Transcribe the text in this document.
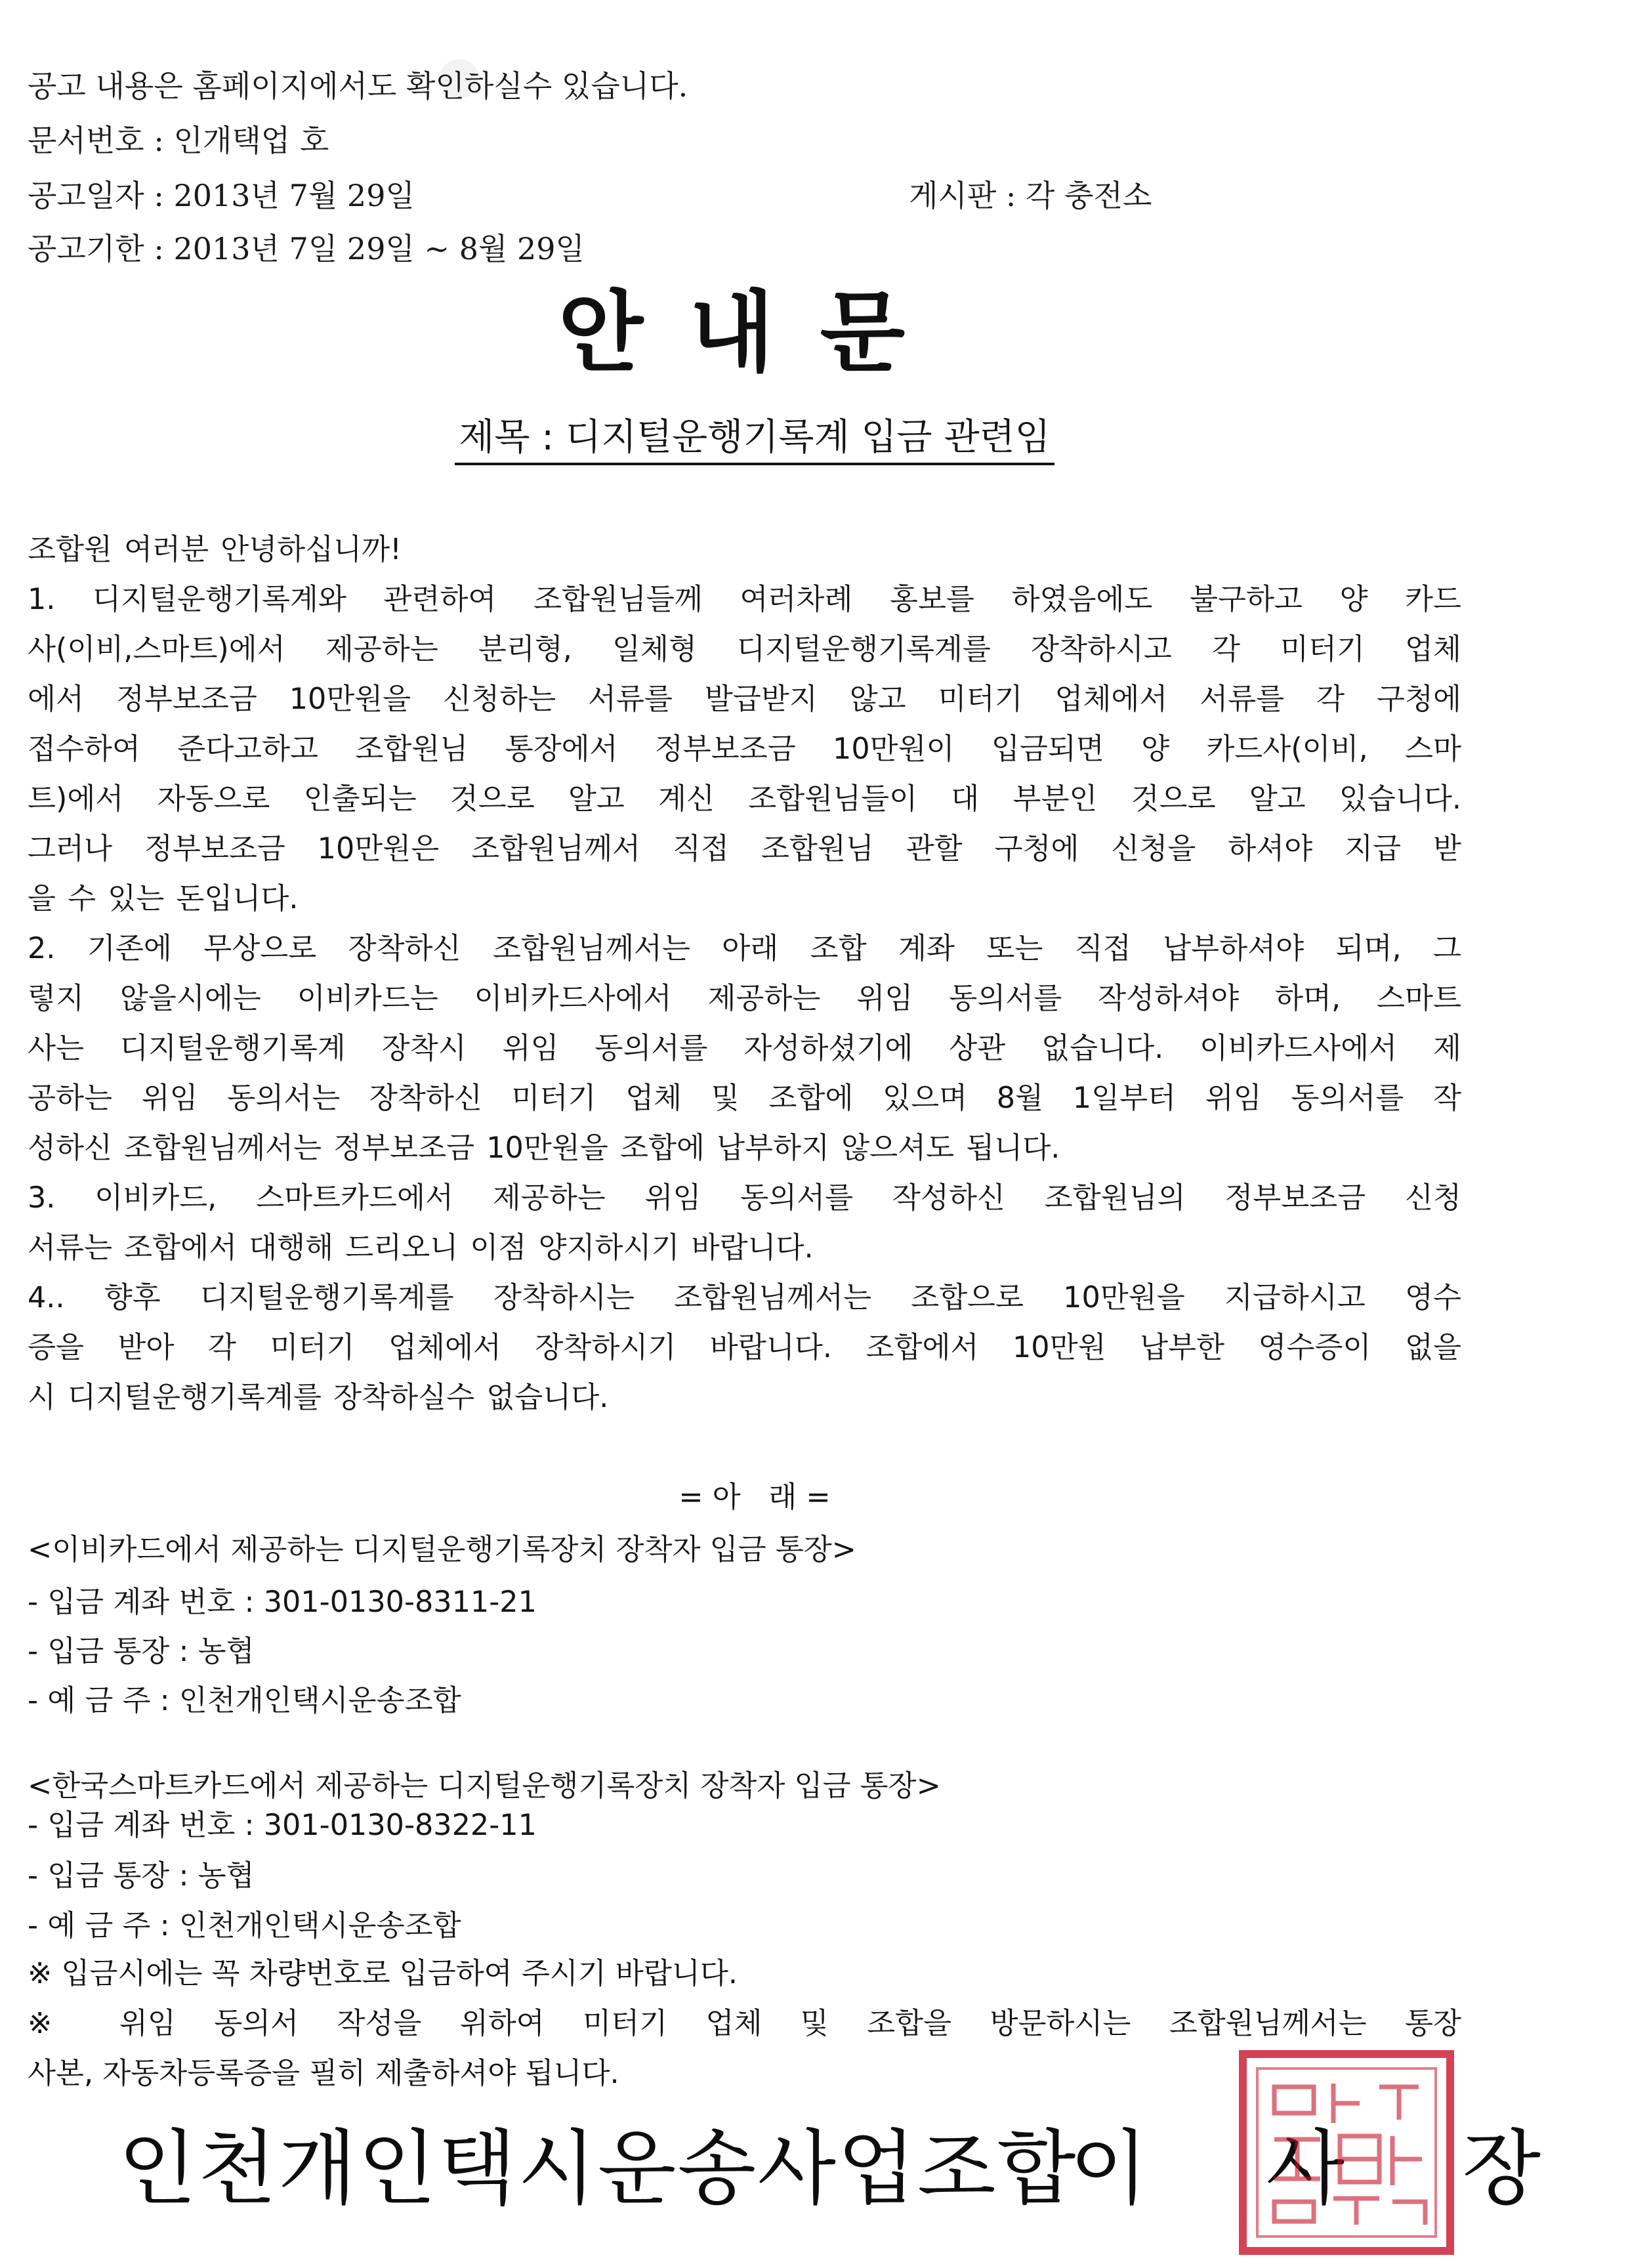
공고 내용은 홈페이지에서도 확인하실수 있습니다.
문서번호 : 인개택업 호
공고일자 : 2013년 7월 29일	게시판 : 각 충전소
공고기한 : 2013년 7일 29일 ~ 8월 29일
안내문
제목 : 디지털운행기록계 입금 관련임

조합원 여러분 안녕하십니까!

1. 디지털운행기록계와 관련하여 조합원님들께 여러차례 홍보를 하였음에도 불구하고 양 카드

사(이비,스마트)에서 제공하는 분리형, 일체형 디지털운행기록계를 장착하시고 각 미터기 업체

에서 정부보조금 10만원을 신청하는 서류를 발급받지 않고 미터기 업체에서 서류를 각 구청에

접수하여 준다고하고 조합원님 통장에서 정부보조금 10만원이 입금되면 양 카드사(이비, 스마

트)에서 자동으로 인출되는 것으로 알고 계신 조합원님들이 대 부분인 것으로 알고 있습니다.

그러나 정부보조금 10만원은 조합원님께서 직접 조합원님 관할 구청에 신청을 하셔야 지급 받

을 수 있는 돈입니다.

2. 기존에 무상으로 장착하신 조합원님께서는 아래 조합 계좌 또는 직접 납부하셔야 되며, 그

렇지 않을시에는 이비카드는 이비카드사에서 제공하는 위임 동의서를 작성하셔야 하며, 스마트

사는 디지털운행기록계 장착시 위임 동의서를 자성하셨기에 상관 없습니다. 이비카드사에서 제

공하는 위임 동의서는 장착하신 미터기 업체 및 조합에 있으며 8월 1일부터 위임 동의서를 작

성하신 조합원님께서는 정부보조금 10만원을 조합에 납부하지 않으셔도 됩니다.

3. 이비카드, 스마트카드에서 제공하는 위임 동의서를 작성하신 조합원님의 정부보조금 신청

서류는 조합에서 대행해 드리오니 이점 양지하시기 바랍니다.

4.. 향후 디지털운행기록계를 장착하시는 조합원님께서는 조합으로 10만원을 지급하시고 영수

증을 받아 각 미터기 업체에서 장착하시기 바랍니다. 조합에서 10만원 납부한 영수증이 없을

시 디지털운행기록계를 장착하실수 없습니다.

= 아   래 =
<이비카드에서 제공하는 디지털운행기록장치 장착자 입금 통장>
- 입금 계좌 번호 : 301-0130-8311-21
- 입금 통장 : 농협
- 예 금 주 : 인천개인택시운송조합
<한국스마트카드에서 제공하는 디지털운행기록장치 장착자 입금 통장>
- 입금 계좌 번호 : 301-0130-8322-11
- 입금 통장 : 농협
- 예 금 주 : 인천개인택시운송조합

※ 입금시에는 꼭 차량번호로 입금하여 주시기 바랍니다.

※ 위임 동의서 작성을 위하여 미터기 업체 및 조합을 방문하시는 조합원님께서는 통장

사본, 자동차등록증을 필히 제출하셔야 됩니다.

인천개인택시운송사업조합
이 사 장
